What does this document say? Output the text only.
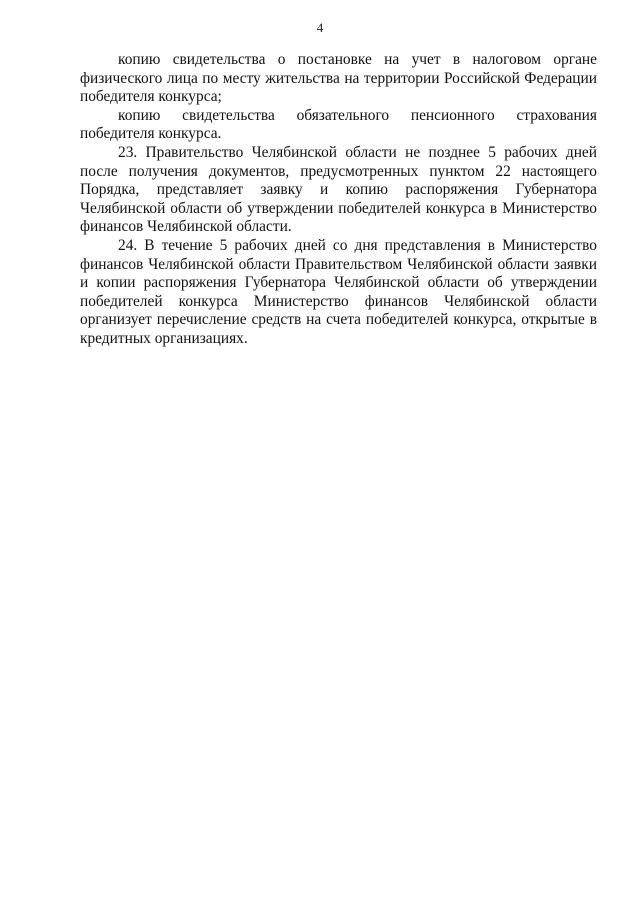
4

копию свидетельства о постановке на учет в налоговом органе физического лица по месту жительства на территории Российской Федерации победителя конкурса;

копию свидетельства обязательного пенсионного страхования победителя конкурса.

23. Правительство Челябинской области не позднее 5 рабочих дней после получения документов, предусмотренных пунктом 22 настоящего Порядка, представляет заявку и копию распоряжения Губернатора Челябинской области об утверждении победителей конкурса в Министерство финансов Челябинской области.

24. В течение 5 рабочих дней со дня представления в Министерство финансов Челябинской области Правительством Челябинской области заявки и копии распоряжения Губернатора Челябинской области об утверждении победителей конкурса Министерство финансов Челябинской области организует перечисление средств на счета победителей конкурса, открытые в кредитных организациях.
